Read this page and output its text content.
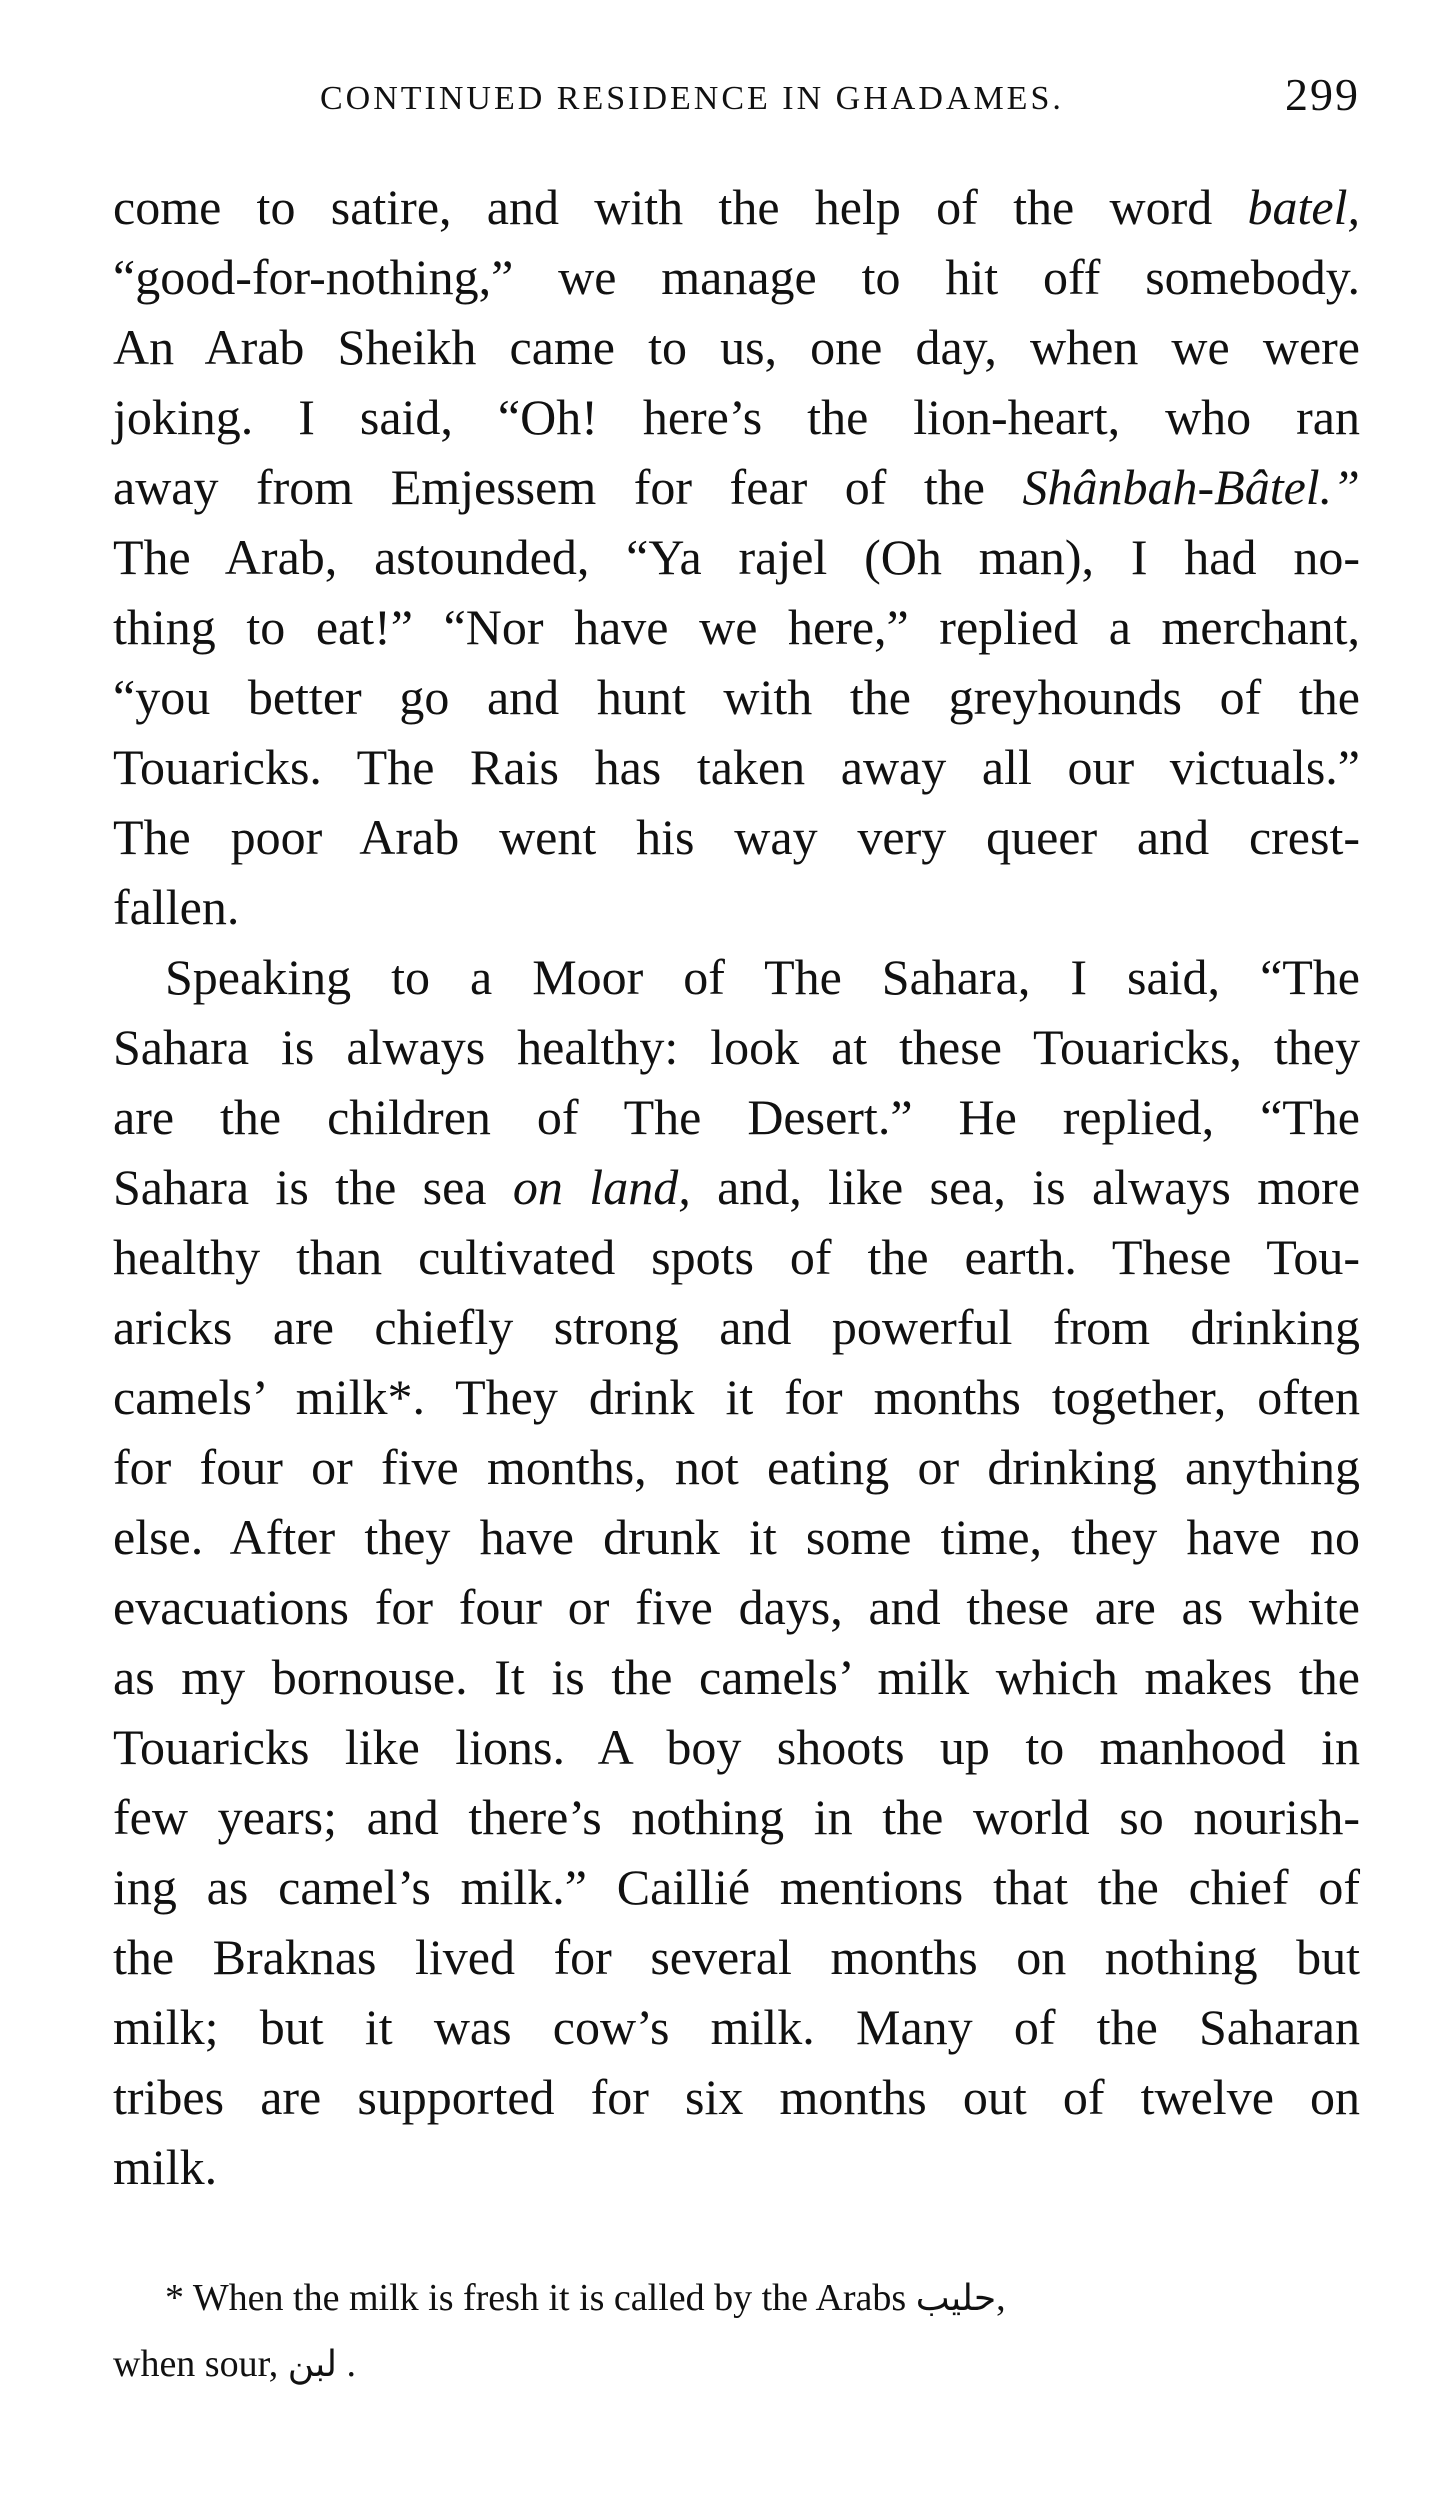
CONTINUED RESIDENCE IN GHADAMES.	299
come to satire, and with the help of the word batel,
“good-for-nothing,” we manage to hit off somebody.
An Arab Sheikh came to us, one day, when we were
joking. I said, “Oh! here’s the lion-heart, who ran
away from Emjessem for fear of the Shânbah-Bâtel.”
The Arab, astounded, “Ya rajel (Oh man), I had no-
thing to eat!” “Nor have we here,” replied a merchant,
“you better go and hunt with the greyhounds of the
Touaricks. The Rais has taken away all our victuals.”
The poor Arab went his way very queer and crest-
fallen.
Speaking to a Moor of The Sahara, I said, “The
Sahara is always healthy: look at these Touaricks, they
are the children of The Desert.” He replied, “The
Sahara is the sea on land, and, like sea, is always more
healthy than cultivated spots of the earth. These Tou-
aricks are chiefly strong and powerful from drinking
camels’ milk*. They drink it for months together, often
for four or five months, not eating or drinking anything
else. After they have drunk it some time, they have no
evacuations for four or five days, and these are as white
as my bornouse. It is the camels’ milk which makes the
Touaricks like lions. A boy shoots up to manhood in
few years; and there’s nothing in the world so nourish-
ing as camel’s milk.” Caillié mentions that the chief of
the Braknas lived for several months on nothing but
milk; but it was cow’s milk. Many of the Saharan
tribes are supported for six months out of twelve on
milk.
* When the milk is fresh it is called by the Arabs حليب,
when sour, لبن .
